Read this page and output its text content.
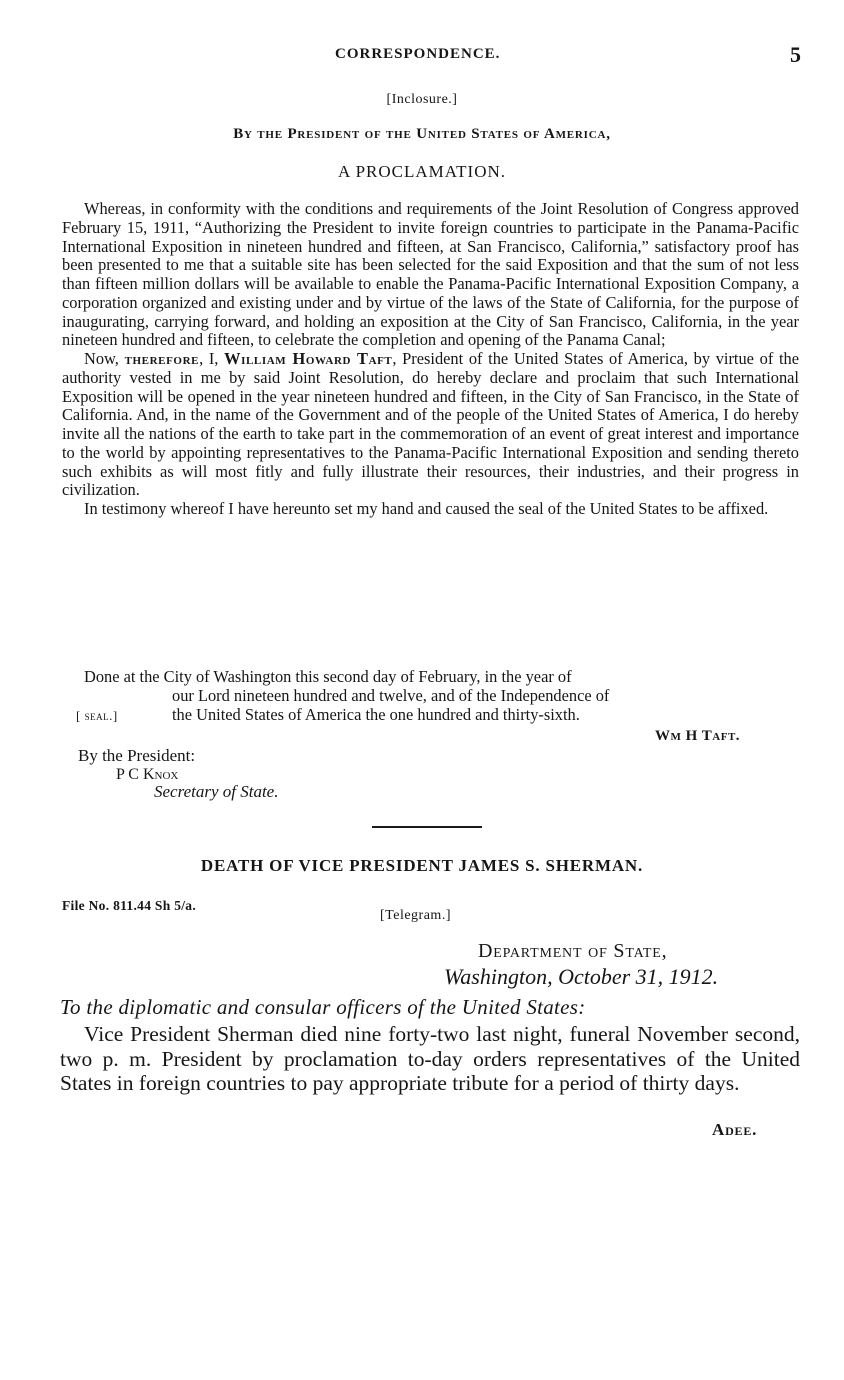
CORRESPONDENCE.	5
[Inclosure.]
By the President of the United States of America,
A PROCLAMATION.

Whereas, in conformity with the conditions and requirements of the Joint Resolution of Congress approved February 15, 1911, “Authorizing the President to invite foreign countries to participate in the Panama-Pacific International Exposition in nineteen hundred and fifteen, at San Francisco, California,” satisfactory proof has been presented to me that a suitable site has been selected for the said Exposition and that the sum of not less than fifteen million dollars will be available to enable the Panama-Pacific International Exposition Company, a corporation organized and existing under and by virtue of the laws of the State of California, for the purpose of inaugurating, carrying forward, and holding an exposition at the City of San Francisco, California, in the year nineteen hundred and fifteen, to celebrate the completion and opening of the Panama Canal;

Now, therefore, I, William Howard Taft, President of the United States of America, by virtue of the authority vested in me by said Joint Resolution, do hereby declare and proclaim that such International Exposition will be opened in the year nineteen hundred and fifteen, in the City of San Francisco, in the State of California. And, in the name of the Government and of the people of the United States of America, I do hereby invite all the nations of the earth to take part in the commemoration of an event of great interest and importance to the world by appointing representatives to the Panama-Pacific International Exposition and sending thereto such exhibits as will most fitly and fully illustrate their resources, their industries, and their progress in civilization.

In testimony whereof I have hereunto set my hand and caused the seal of the United States to be affixed.

Done at the City of Washington this second day of February, in the year of
our Lord nineteen hundred and twelve, and of the Independence of
the United States of America the one hundred and thirty-sixth.
[ seal.]
Wm H Taft.
By the President:
P C Knox
Secretary of State.
DEATH OF VICE PRESIDENT JAMES S. SHERMAN.
File No. 811.44 Sh 5/a.
[Telegram.]
Department of State,
Washington, October 31, 1912.
To the diplomatic and consular officers of the United States:

Vice President Sherman died nine forty-two last night, funeral November second, two p. m. President by proclamation to-day orders representatives of the United States in foreign countries to pay appropriate tribute for a period of thirty days.

Adee.
